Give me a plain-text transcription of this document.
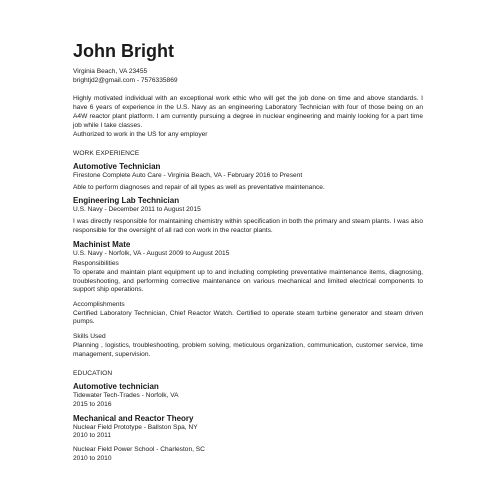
John Bright
Virginia Beach, VA 23455
brightjd2@gmail.com - 7576335869
Highly motivated individual with an exceptional work ethic who will get the job done on time and above standards. I have 6 years of experience in the U.S. Navy as an engineering Laboratory Technician with four of those being on an A4W reactor plant platform. I am currently pursuing a degree in nuclear engineering and mainly looking for a part time job while I take classes.
Authorized to work in the US for any employer
WORK EXPERIENCE
Automotive Technician
Firestone Complete Auto Care - Virginia Beach, VA - February 2016 to Present
Able to perform diagnoses and repair of all types as well as preventative maintenance.
Engineering Lab Technician
U.S. Navy - December 2011 to August 2015
I was directly responsible for maintaining chemistry within specification in both the primary and steam plants. I was also responsible for the oversight of all rad con work in the reactor plants.
Machinist Mate
U.S. Navy - Norfolk, VA - August 2009 to August 2015
Responsibilities
To operate and maintain plant equipment up to and including completing preventative maintenance items, diagnosing, troubleshooting, and performing corrective maintenance on various mechanical and limited electrical components to support ship operations.
Accomplishments
Certified Laboratory Technician, Chief Reactor Watch. Certified to operate steam turbine generator and steam driven pumps.
Skills Used
Planning , logistics, troubleshooting, problem solving, meticulous organization, communication, customer service, time management, supervision.
EDUCATION
Automotive technician
Tidewater Tech-Trades - Norfolk, VA
2015 to 2016
Mechanical and Reactor Theory
Nuclear Field Prototype - Ballston Spa, NY
2010 to 2011
Nuclear Field Power School - Charleston, SC
2010 to 2010
